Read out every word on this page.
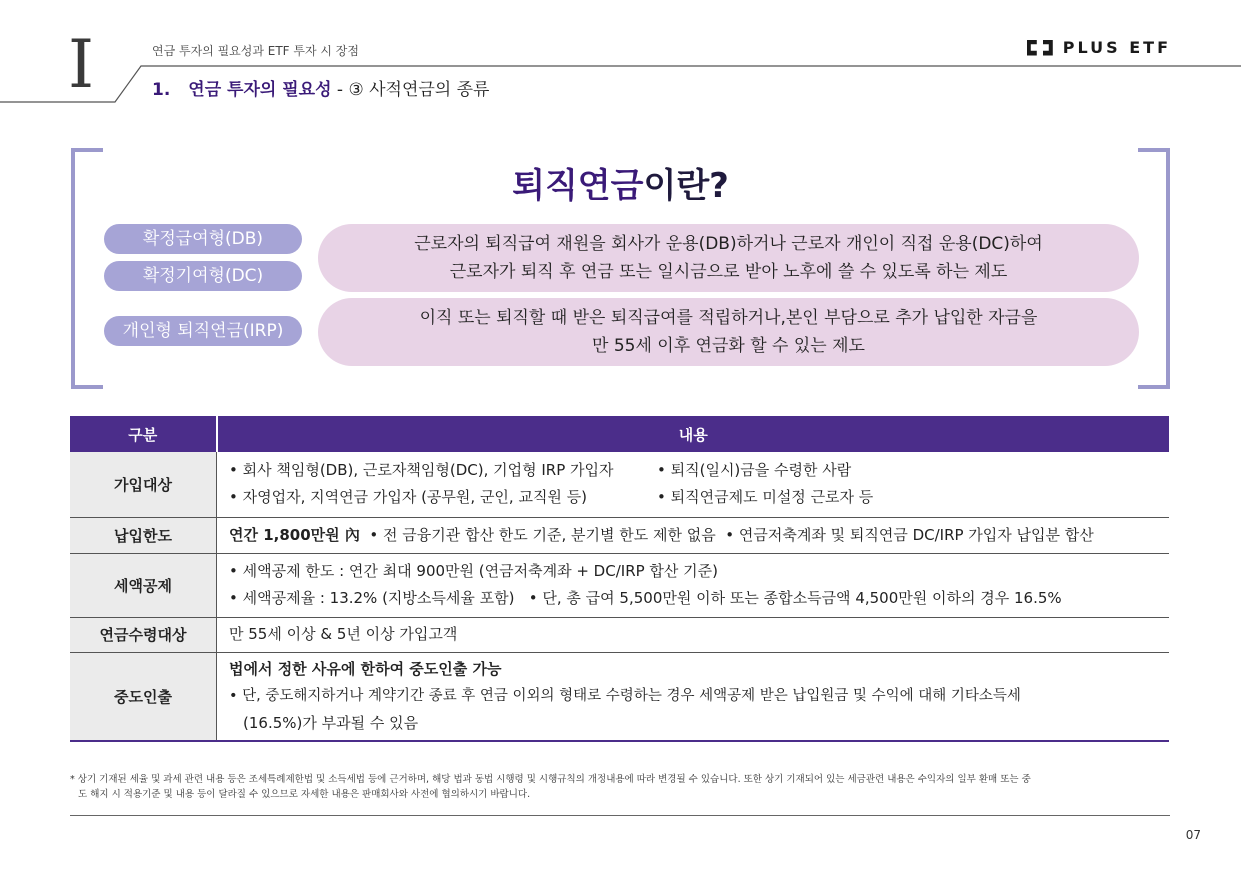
I	연금 투자의 필요성과 ETF 투자 시 장점
1. 연금 투자의 필요성 - ③ 사적연금의 종류
PLUS ETF
퇴직연금이란?
확정급여형(DB)
확정기여형(DC)
개인형 퇴직연금(IRP)
근로자의 퇴직급여 재원을 회사가 운용(DB)하거나 근로자 개인이 직접 운용(DC)하여
근로자가 퇴직 후 연금 또는 일시금으로 받아 노후에 쓸 수 있도록 하는 제도
이직 또는 퇴직할 때 받은 퇴직급여를 적립하거나,본인 부담으로 추가 납입한 자금을
만 55세 이후 연금화 할 수 있는 제도
구분	내용
가입대상	• 회사 책임형(DB), 근로자책임형(DC), 기업형 IRP 가입자 • 퇴직(일시)금을 수령한 사람
• 자영업자, 지역연금 가입자 (공무원, 군인, 교직원 등) • 퇴직연금제도 미설정 근로자 등

납입한도	연간 1,800만원 內  • 전 금융기관 합산 한도 기준, 분기별 한도 제한 없음  • 연금저축계좌 및 퇴직연금 DC/IRP 가입자 납입분 합산

세액공제	• 세액공제 한도 : 연간 최대 900만원 (연금저축계좌 + DC/IRP 합산 기준)
• 세액공제율 : 13.2% (지방소득세율 포함)   • 단, 총 급여 5,500만원 이하 또는 종합소득금액 4,500만원 이하의 경우 16.5%

연금수령대상	만 55세 이상 & 5년 이상 가입고객

중도인출	법에서 정한 사유에 한하여 중도인출 가능
• 단, 중도해지하거나 계약기간 종료 후 연금 이외의 형태로 수령하는 경우 세액공제 받은 납입원금 및 수익에 대해 기타소득세
(16.5%)가 부과될 수 있음
* 상기 기재된 세율 및 과세 관련 내용 등은 조세특례제한법 및 소득세법 등에 근거하며, 해당 법과 동법 시행령 및 시행규칙의 개정내용에 따라 변경될 수 있습니다. 또한 상기 기재되어 있는 세금관련 내용은 수익자의 일부 환매 또는 중
도 해지 시 적용기준 및 내용 등이 달라질 수 있으므로 자세한 내용은 판매회사와 사전에 협의하시기 바랍니다.
07
